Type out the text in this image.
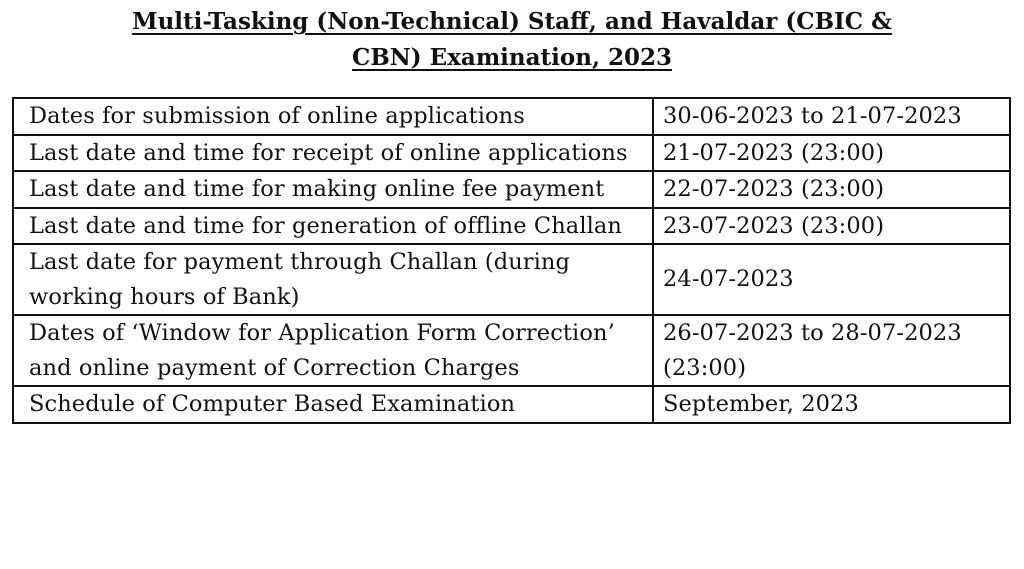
Multi-Tasking (Non-Technical) Staff, and Havaldar (CBIC &
CBN) Examination, 2023
Dates for submission of online applications	30-06-2023 to 21-07-2023
Last date and time for receipt of online applications	21-07-2023 (23:00)
Last date and time for making online fee payment	22-07-2023 (23:00)
Last date and time for generation of offline Challan	23-07-2023 (23:00)
Last date for payment through Challan (during working hours of Bank)	24-07-2023
Dates of ‘Window for Application Form Correction’ and online payment of Correction Charges	26-07-2023 to 28-07-2023 (23:00)
Schedule of Computer Based Examination	September, 2023
